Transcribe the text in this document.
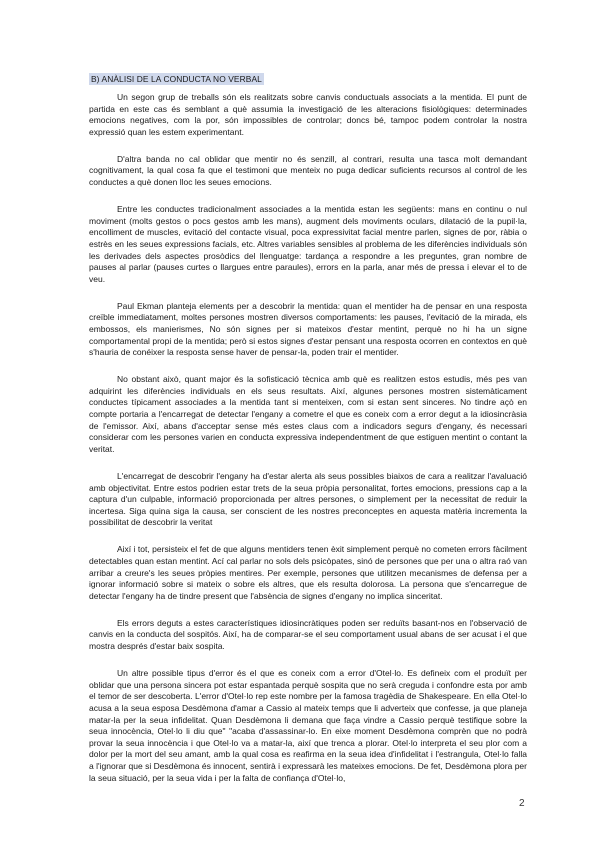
B) ANÀLISI DE LA CONDUCTA NO VERBAL

Un segon grup de treballs són els realitzats sobre canvis conductuals associats a la mentida. El punt de partida en este cas és semblant a què assumia la investigació de les alteracions fisiològiques: determinades emocions negatives, com la por, són impossibles de controlar; doncs bé, tampoc podem controlar la nostra expressió quan les estem experimentant.

D'altra banda no cal oblidar que mentir no és senzill, al contrari, resulta una tasca molt demandant cognitivament, la qual cosa fa que el testimoni que menteix no puga dedicar suficients recursos al control de les conductes a què donen lloc les seues emocions.

Entre les conductes tradicionalment associades a la mentida estan les següents: mans en continu o nul moviment (molts gestos o pocs gestos amb les mans), augment dels moviments oculars, dilatació de la pupil·la, encolliment de muscles, evitació del contacte visual, poca expressivitat facial mentre parlen, signes de por, ràbia o estrès en les seues expressions facials, etc. Altres variables sensibles al problema de les diferències individuals són les derivades dels aspectes prosòdics del llenguatge: tardança a respondre a les preguntes, gran nombre de pauses al parlar (pauses curtes o llargues entre paraules), errors en la parla, anar més de pressa i elevar el to de veu.

Paul Ekman planteja elements per a descobrir la mentida: quan el mentider ha de pensar en una resposta creïble immediatament, moltes persones mostren diversos comportaments: les pauses, l'evitació de la mirada, els embossos, els manierismes, No són signes per si mateixos d'estar mentint, perquè no hi ha un signe comportamental propi de la mentida; però si estos signes d'estar pensant una resposta ocorren en contextos en què s'hauria de conéixer la resposta sense haver de pensar-la, poden trair el mentider.

No obstant això, quant major és la sofisticació tècnica amb què es realitzen estos estudis, més pes van adquirint les diferències individuals en els seus resultats. Així, algunes persones mostren sistemàticament conductes típicament associades a la mentida tant si menteixen, com si estan sent sinceres. No tindre açò en compte portaria a l'encarregat de detectar l'engany a cometre el que es coneix com a error degut a la idiosincràsia de l'emissor. Així, abans d'acceptar sense més estes claus com a indicadors segurs d'engany, és necessari considerar com les persones varien en conducta expressiva independentment de que estiguen mentint o contant la veritat.

L'encarregat de descobrir l'engany ha d'estar alerta als seus possibles biaixos de cara a realitzar l'avaluació amb objectivitat. Entre estos podrien estar trets de la seua pròpia personalitat, fortes emocions, pressions cap a la captura d'un culpable, informació proporcionada per altres persones, o simplement per la necessitat de reduir la incertesa. Siga quina siga la causa, ser conscient de les nostres preconceptes en aquesta matèria incrementa la possibilitat de descobrir la veritat

Així i tot, persisteix el fet de que alguns mentiders tenen èxit simplement perquè no cometen errors fàcilment detectables quan estan mentint. Ací cal parlar no sols dels psicòpates, sinó de persones que per una o altra raó van arribar a creure's les seues pròpies mentires. Per exemple, persones que utilitzen mecanismes de defensa per a ignorar informació sobre si mateix o sobre els altres, que els resulta dolorosa. La persona que s'encarregue de detectar l'engany ha de tindre present que l'absència de signes d'engany no implica sinceritat.

Els errors deguts a estes característiques idiosincràtiques poden ser reduïts basant-nos en l'observació de canvis en la conducta del sospitós. Així, ha de comparar-se el seu comportament usual abans de ser acusat i el que mostra després d'estar baix sospita.

Un altre possible tipus d'error és el que es coneix com a error d'Otel·lo. Es defineix com el produït per oblidar que una persona sincera pot estar espantada perquè sospita que no serà creguda i confondre esta por amb el temor de ser descoberta. L'error d'Otel·lo rep este nombre per la famosa tragèdia de Shakespeare. En ella Otel·lo acusa a la seua esposa Desdèmona d'amar a Cassio al mateix temps que li adverteix que confesse, ja que planeja matar-la per la seua infidelitat. Quan Desdèmona li demana que faça vindre a Cassio perquè testifique sobre la seua innocència, Otel·lo li diu que" "acaba d'assassinar-lo. En eixe moment Desdèmona comprèn que no podrà provar la seua innocència i que Otel·lo va a matar-la, així que trenca a plorar. Otel·lo interpreta el seu plor com a dolor per la mort del seu amant, amb la qual cosa es reafirma en la seua idea d'infidelitat i l'estrangula, Otel·lo falla a l'ignorar que si Desdèmona és innocent, sentirà i expressarà les mateixes emocions. De fet, Desdèmona plora per la seua situació, per la seua vida i per la falta de confiança d'Otel·lo,

2
